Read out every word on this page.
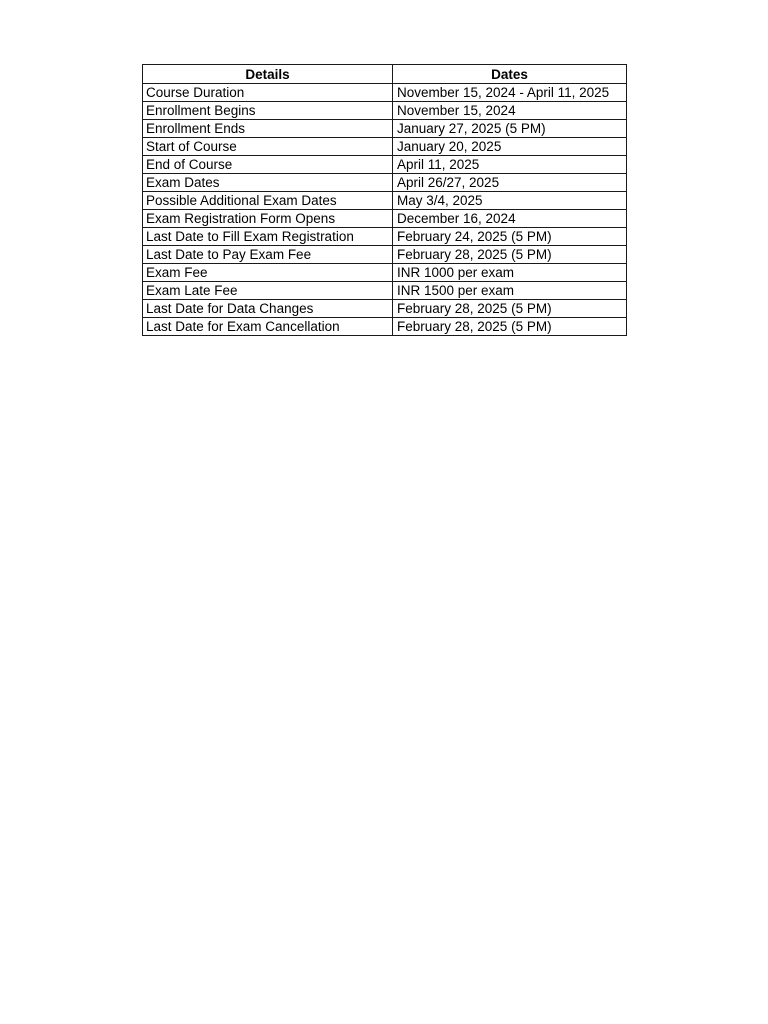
Details	Dates
Course Duration	November 15, 2024 - April 11, 2025
Enrollment Begins	November 15, 2024
Enrollment Ends	January 27, 2025 (5 PM)
Start of Course	January 20, 2025
End of Course	April 11, 2025
Exam Dates	April 26/27, 2025
Possible Additional Exam Dates	May 3/4, 2025
Exam Registration Form Opens	December 16, 2024
Last Date to Fill Exam Registration	February 24, 2025 (5 PM)
Last Date to Pay Exam Fee	February 28, 2025 (5 PM)
Exam Fee	INR 1000 per exam
Exam Late Fee	INR 1500 per exam
Last Date for Data Changes	February 28, 2025 (5 PM)
Last Date for Exam Cancellation	February 28, 2025 (5 PM)
